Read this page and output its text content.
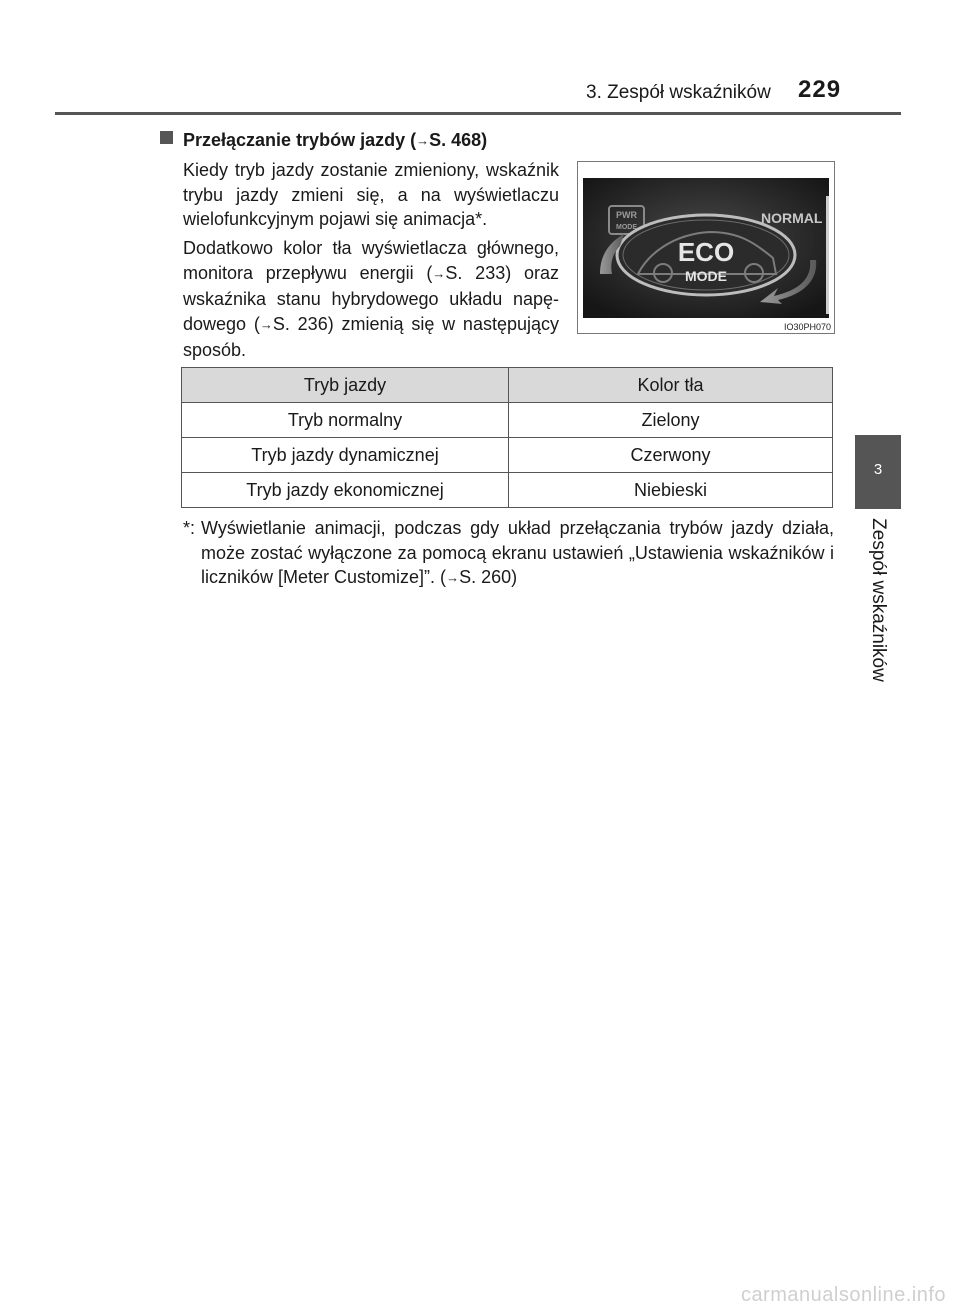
3. Zespół wskaźników 229
3
Zespół wskaźników
Przełączanie trybów jazdy (→S. 468)
Kiedy tryb jazdy zostanie zmieniony, wskaźnik trybu jazdy zmieni się, a na wyświetlaczu wielofunkcyjnym pojawi się animacja*.
Dodatkowo kolor tła wyświetlacza głównego, monitora przepływu energii (→S. 233) oraz wskaźnika stanu hybrydowego układu napędowego (→S. 236) zmienią się w następujący sposób.
PWR
MODE
NORMAL
ECO
MODE
IO30PH070
Tryb jazdy	Kolor tła
Tryb normalny	Zielony
Tryb jazdy dynamicznej	Czerwony
Tryb jazdy ekonomicznej	Niebieski
*: Wyświetlanie animacji, podczas gdy układ przełączania trybów jazdy działa, może zostać wyłączone za pomocą ekranu ustawień „Ustawienia wskaźników i liczników [Meter Customize]”. (→S. 260)
carmanualsonline.info
